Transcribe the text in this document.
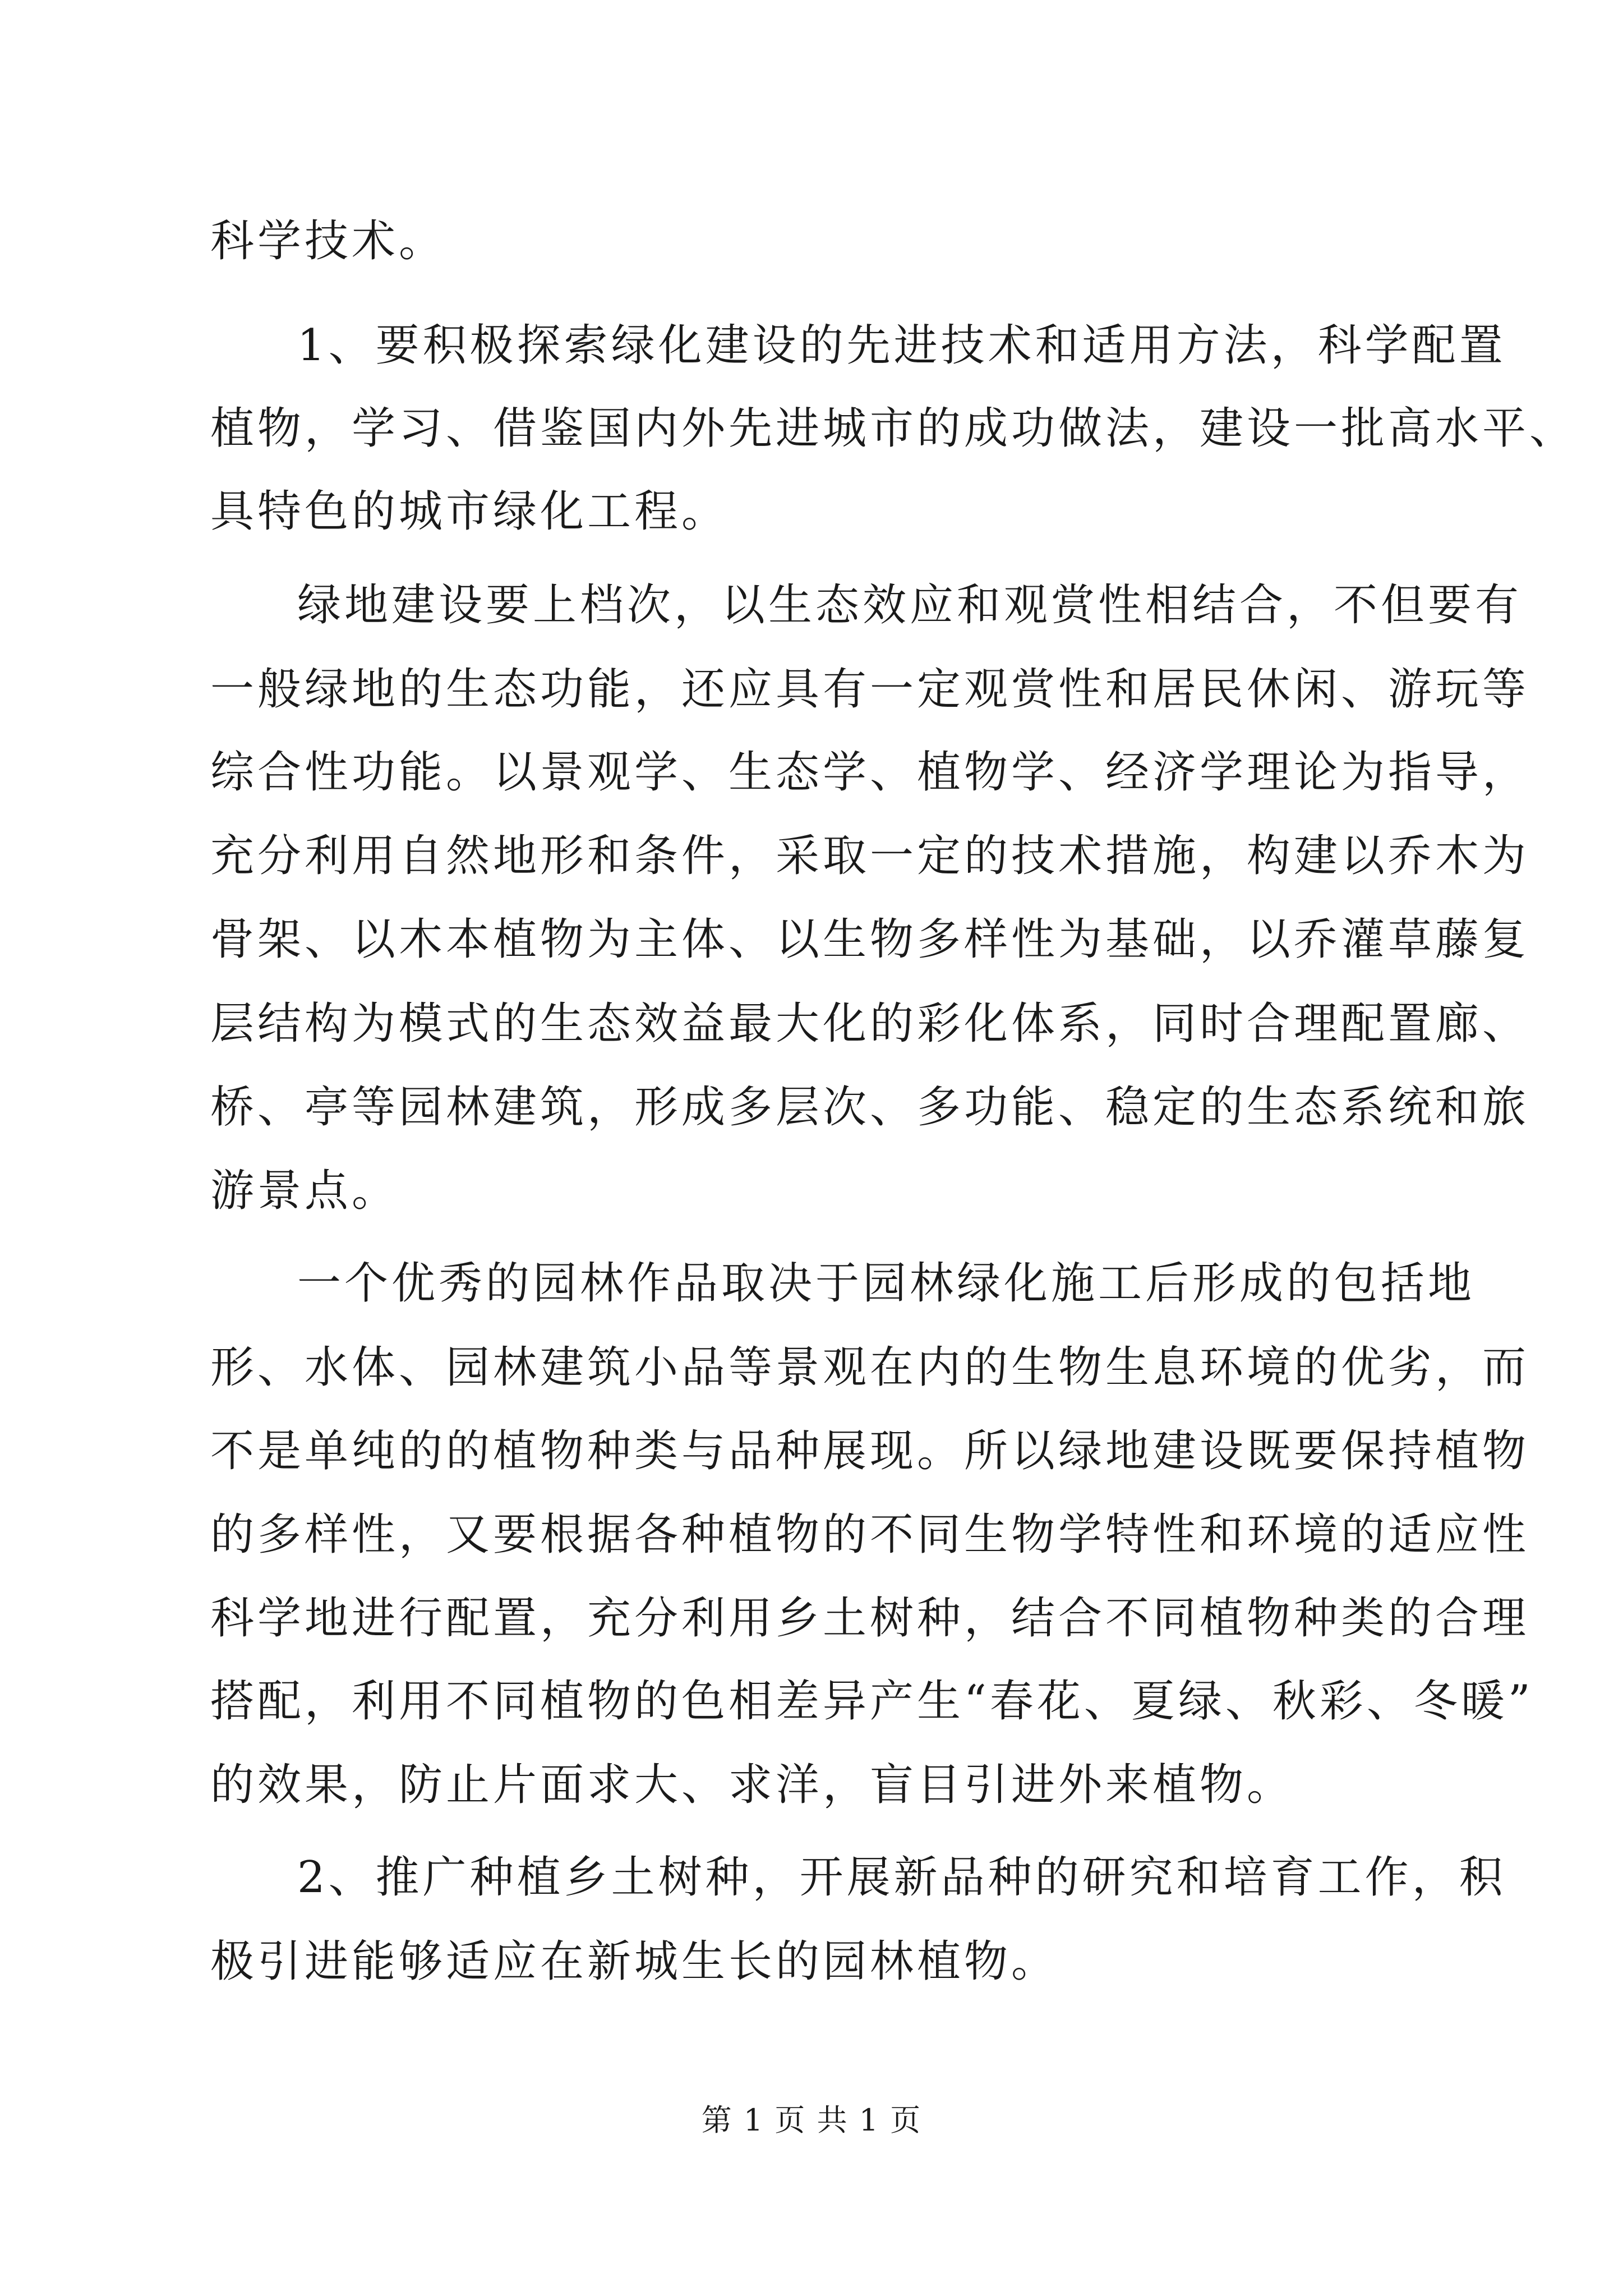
科学技术。
1、要积极探索绿化建设的先进技术和适用方法，科学配置
植物，学习、借鉴国内外先进城市的成功做法，建设一批高水平、
具特色的城市绿化工程。
绿地建设要上档次，以生态效应和观赏性相结合，不但要有
一般绿地的生态功能，还应具有一定观赏性和居民休闲、游玩等
综合性功能。以景观学、生态学、植物学、经济学理论为指导，
充分利用自然地形和条件，采取一定的技术措施，构建以乔木为
骨架、以木本植物为主体、以生物多样性为基础，以乔灌草藤复
层结构为模式的生态效益最大化的彩化体系，同时合理配置廊、
桥、亭等园林建筑，形成多层次、多功能、稳定的生态系统和旅
游景点。
一个优秀的园林作品取决于园林绿化施工后形成的包括地
形、水体、园林建筑小品等景观在内的生物生息环境的优劣，而
不是单纯的的植物种类与品种展现。所以绿地建设既要保持植物
的多样性，又要根据各种植物的不同生物学特性和环境的适应性
科学地进行配置，充分利用乡土树种，结合不同植物种类的合理
搭配，利用不同植物的色相差异产生“春花、夏绿、秋彩、冬暖”
的效果，防止片面求大、求洋，盲目引进外来植物。
2、推广种植乡土树种，开展新品种的研究和培育工作，积
极引进能够适应在新城生长的园林植物。
第 1 页 共 1 页
